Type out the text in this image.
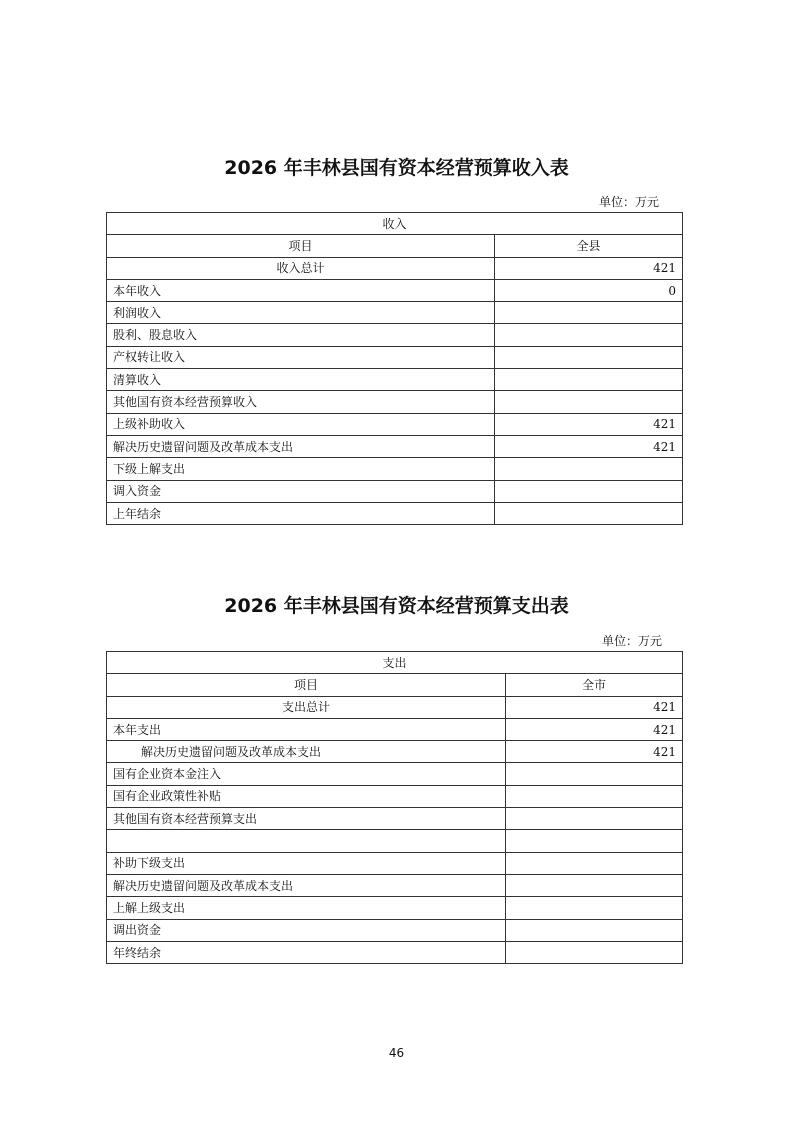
2026 年丰林县国有资本经营预算收入表
单位：万元
收入	
项目	全县
收入总计	421
本年收入	0
利润收入	
股利、股息收入	
产权转让收入	
清算收入	
其他国有资本经营预算收入	
上级补助收入	421
解决历史遗留问题及改革成本支出	421
下级上解支出	
调入资金	
上年结余	
2026 年丰林县国有资本经营预算支出表
单位：万元
支出	
项目	全市
支出总计	421
本年支出	421
解决历史遗留问题及改革成本支出	421
国有企业资本金注入	
国有企业政策性补贴	
其他国有资本经营预算支出	

补助下级支出	
解决历史遗留问题及改革成本支出	
上解上级支出	
调出资金	
年终结余	
46
